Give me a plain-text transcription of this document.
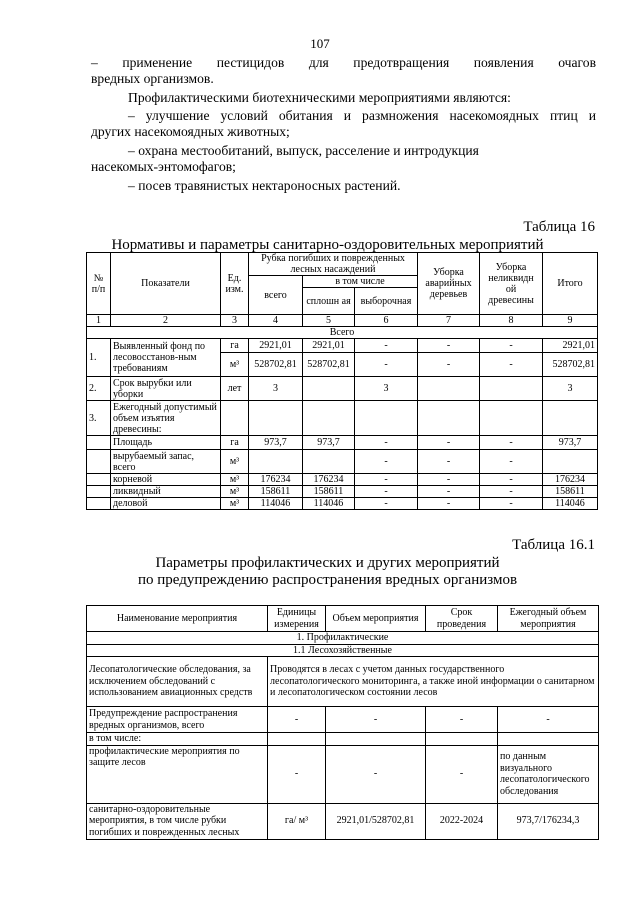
107

– применение пестицидов для предотвращения появления очагов

вредных организмов.

Профилактическими биотехническими мероприятиями являются:

– улучшение условий обитания и размножения насекомоядных птиц и

других насекомоядных животных;

– охрана местообитаний, выпуск, расселение и интродукция

насекомых-энтомофагов;

– посев травянистых нектароносных растений.

Таблица 16
Нормативы и параметры санитарно-оздоровительных мероприятий
№ п/п	Показатели	Ед. изм.	Рубка погибших и поврежденных лесных насаждений			Уборка аварийных деревьев	Уборка неликвидн ой древесины	Итого
			всего	в том числе				
				сплошн ая	выборочная			
1	2	3	4	5	6	7	8	9
Всего								
1.	Выявленный фонд по лесовосстанов-ным требованиям	га	2921,01	2921,01	-	-	-	2921,01
		м³	528702,81	528702,81	-	-	-	528702,81
2.	Срок вырубки или уборки	лет	3		3			3
3.	Ежегодный допустимый объем изъятия древесины:							
	Площадь	га	973,7	973,7	-	-	-	973,7
	вырубаемый запас, всего	м³			-	-	-	
	корневой	м³	176234	176234	-	-	-	176234
	ликвидный	м³	158611	158611	-	-	-	158611
	деловой	м³	114046	114046	-	-	-	114046
Таблица 16.1
Параметры профилактических и других мероприятий
по предупреждению распространения вредных организмов
Наименование мероприятия	Единицы измерения	Объем мероприятия	Срок проведения	Ежегодный объем мероприятия
1. Профилактические				
1.1 Лесохозяйственные				
Лесопатологические обследования, за исключением обследований с использованием авиационных средств	Проводятся в лесах с учетом данных государственного лесопатологического мониторинга, а также иной информации о санитарном и лесопатологическом состоянии лесов			
Предупреждение распространения вредных организмов, всего	-	-	-	-
в том числе:				
профилактические мероприятия по защите лесов	-	-	-	по данным визуального лесопатологического обследования
санитарно-оздоровительные мероприятия, в том числе рубки погибших и поврежденных лесных	га/ м³	2921,01/528702,81	2022-2024	973,7/176234,3
